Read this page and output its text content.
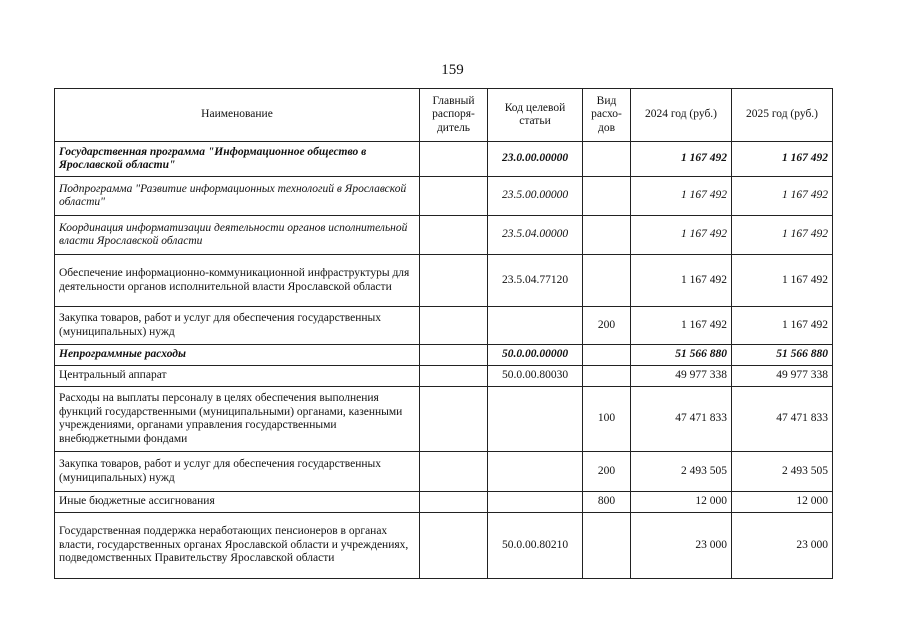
159
Наименование	Главный распоря-дитель	Код целевой статьи	Вид расхо-дов	2024 год (руб.)	2025 год (руб.)
Государственная программа "Информационное общество в Ярославской области"		23.0.00.00000		1 167 492	1 167 492
Подпрограмма "Развитие информационных технологий в Ярославской области"		23.5.00.00000		1 167 492	1 167 492
Координация информатизации деятельности органов исполнительной власти Ярославской области		23.5.04.00000		1 167 492	1 167 492
Обеспечение информационно-коммуникационной инфраструктуры для деятельности органов исполнительной власти Ярославской области		23.5.04.77120		1 167 492	1 167 492
Закупка товаров, работ и услуг для обеспечения государственных (муниципальных) нужд			200	1 167 492	1 167 492
Непрограммные расходы		50.0.00.00000		51 566 880	51 566 880
Центральный аппарат		50.0.00.80030		49 977 338	49 977 338
Расходы на выплаты персоналу в целях обеспечения выполнения функций государственными (муниципальными) органами, казенными учреждениями, органами управления государственными внебюджетными фондами			100	47 471 833	47 471 833
Закупка товаров, работ и услуг для обеспечения государственных (муниципальных) нужд			200	2 493 505	2 493 505
Иные бюджетные ассигнования			800	12 000	12 000
Государственная поддержка неработающих пенсионеров в органах власти, государственных органах Ярославской области и учреждениях, подведомственных Правительству Ярославской области		50.0.00.80210		23 000	23 000
